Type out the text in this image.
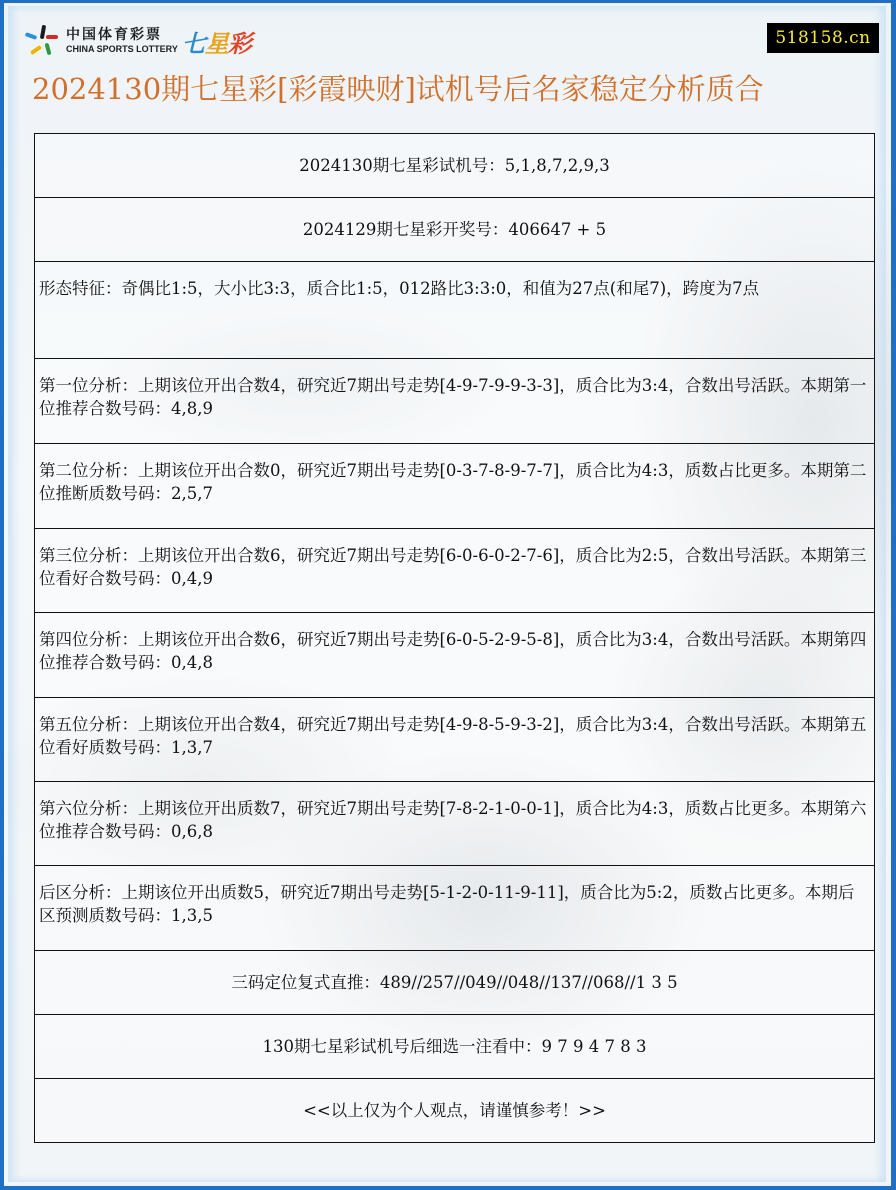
中国体育彩票
CHINA SPORTS LOTTERY 七星彩	518158.cn
2024130期七星彩[彩霞映财]试机号后名家稳定分析质合
2024130期七星彩试机号：5,1,8,7,2,9,3
2024129期七星彩开奖号：406647 + 5
形态特征：奇偶比1:5，大小比3:3，质合比1:5，012路比3:3:0，和值为27点(和尾7)，跨度为7点
第一位分析：上期该位开出合数4，研究近7期出号走势[4-9-7-9-9-3-3]，质合比为3:4，合数出号活跃。本期第一位推荐合数号码：4,8,9
第二位分析：上期该位开出合数0，研究近7期出号走势[0-3-7-8-9-7-7]，质合比为4:3，质数占比更多。本期第二位推断质数号码：2,5,7
第三位分析：上期该位开出合数6，研究近7期出号走势[6-0-6-0-2-7-6]，质合比为2:5，合数出号活跃。本期第三位看好合数号码：0,4,9
第四位分析：上期该位开出合数6，研究近7期出号走势[6-0-5-2-9-5-8]，质合比为3:4，合数出号活跃。本期第四位推荐合数号码：0,4,8
第五位分析：上期该位开出合数4，研究近7期出号走势[4-9-8-5-9-3-2]，质合比为3:4，合数出号活跃。本期第五位看好质数号码：1,3,7
第六位分析：上期该位开出质数7，研究近7期出号走势[7-8-2-1-0-0-1]，质合比为4:3，质数占比更多。本期第六位推荐合数号码：0,6,8
后区分析：上期该位开出质数5，研究近7期出号走势[5-1-2-0-11-9-11]，质合比为5:2，质数占比更多。本期后区预测质数号码：1,3,5
三码定位复式直推：489//257//049//048//137//068//1 3 5
130期七星彩试机号后细选一注看中：9 7 9 4 7 8 3
<<以上仅为个人观点，请谨慎参考！>>
